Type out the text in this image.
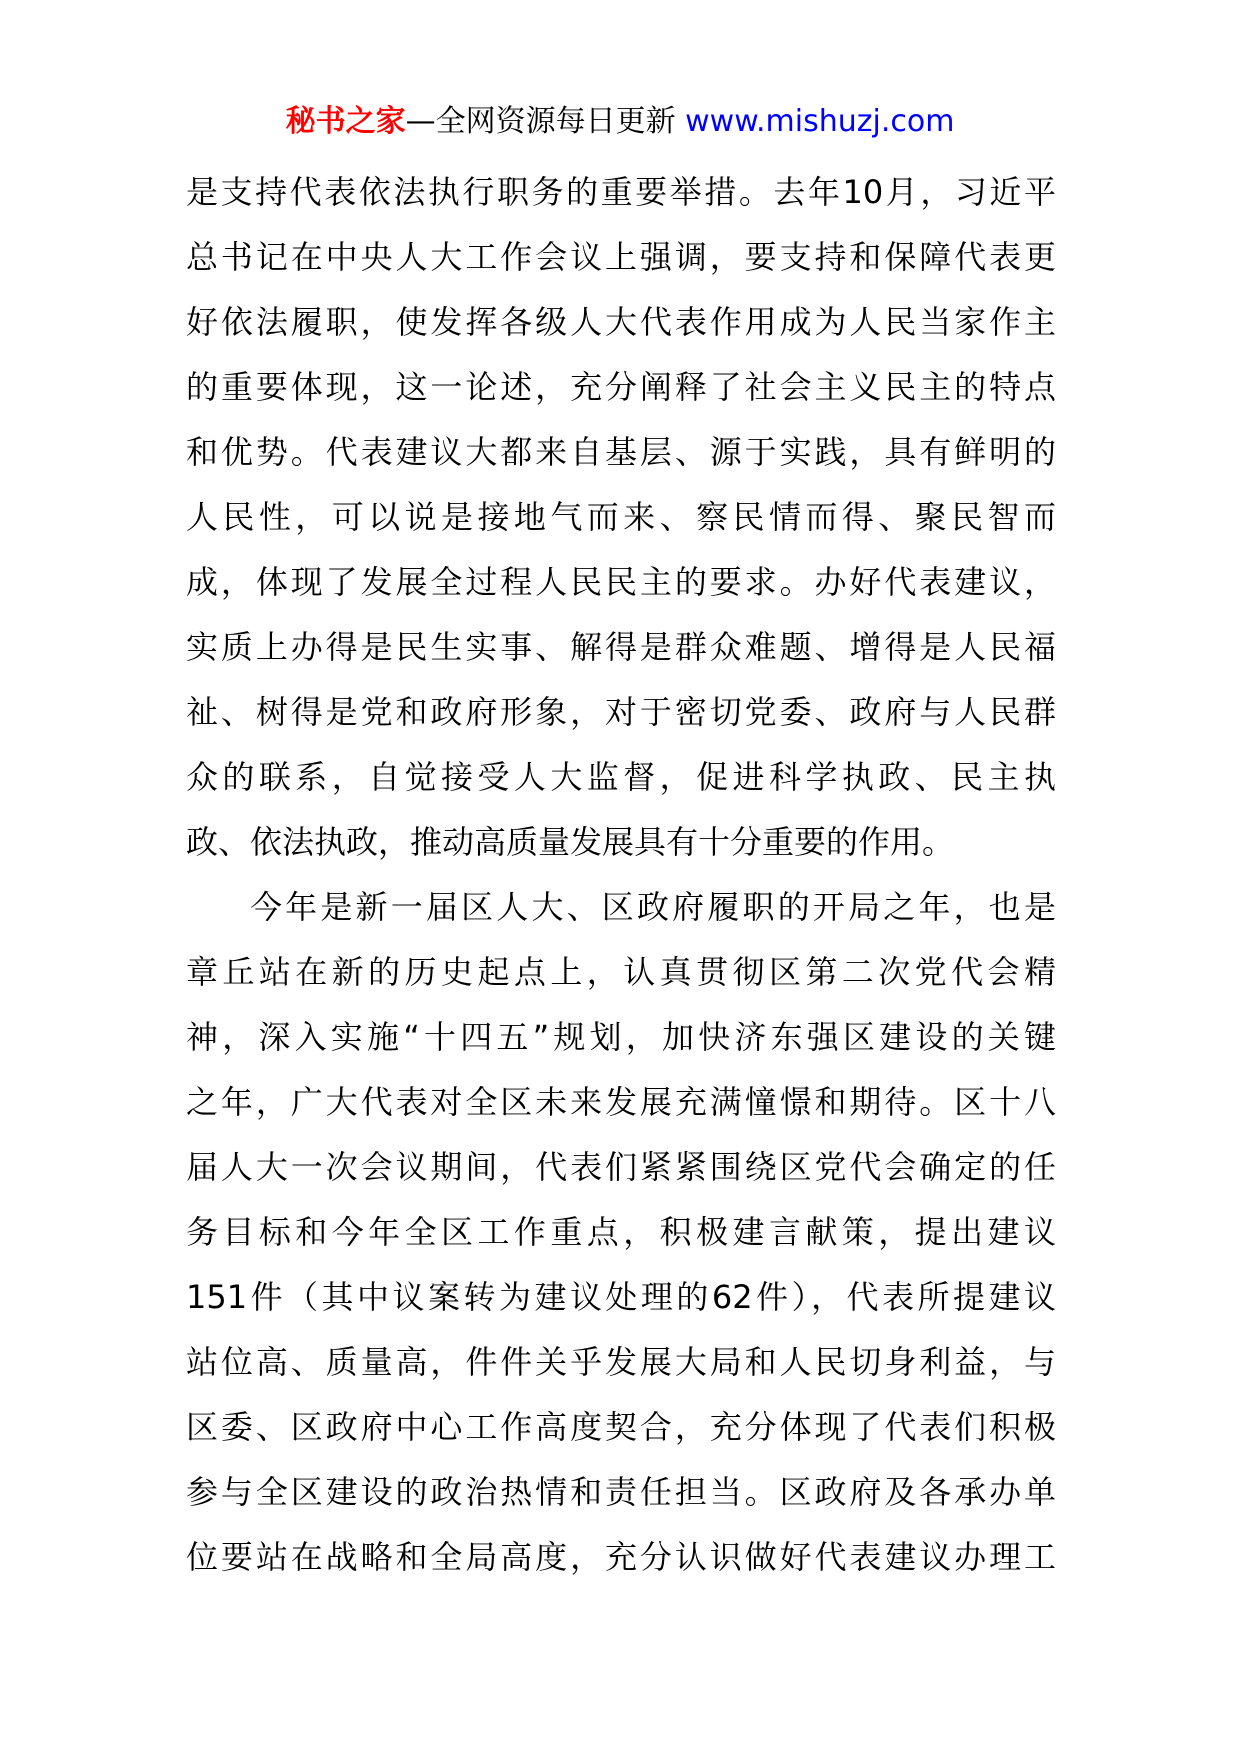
秘书之家—全网资源每日更新 www.mishuzj.com
是支持代表依法执行职务的重要举措。去年10月，习近平
总书记在中央人大工作会议上强调，要支持和保障代表更
好依法履职，使发挥各级人大代表作用成为人民当家作主
的重要体现，这一论述，充分阐释了社会主义民主的特点
和优势。代表建议大都来自基层、源于实践，具有鲜明的
人民性，可以说是接地气而来、察民情而得、聚民智而
成，体现了发展全过程人民民主的要求。办好代表建议，
实质上办得是民生实事、解得是群众难题、增得是人民福
祉、树得是党和政府形象，对于密切党委、政府与人民群
众的联系，自觉接受人大监督，促进科学执政、民主执
政、依法执政，推动高质量发展具有十分重要的作用。
今年是新一届区人大、区政府履职的开局之年，也是
章丘站在新的历史起点上，认真贯彻区第二次党代会精
神，深入实施“十四五”规划，加快济东强区建设的关键
之年，广大代表对全区未来发展充满憧憬和期待。区十八
届人大一次会议期间，代表们紧紧围绕区党代会确定的任
务目标和今年全区工作重点，积极建言献策，提出建议
151件（其中议案转为建议处理的62件），代表所提建议
站位高、质量高，件件关乎发展大局和人民切身利益，与
区委、区政府中心工作高度契合，充分体现了代表们积极
参与全区建设的政治热情和责任担当。区政府及各承办单
位要站在战略和全局高度，充分认识做好代表建议办理工
